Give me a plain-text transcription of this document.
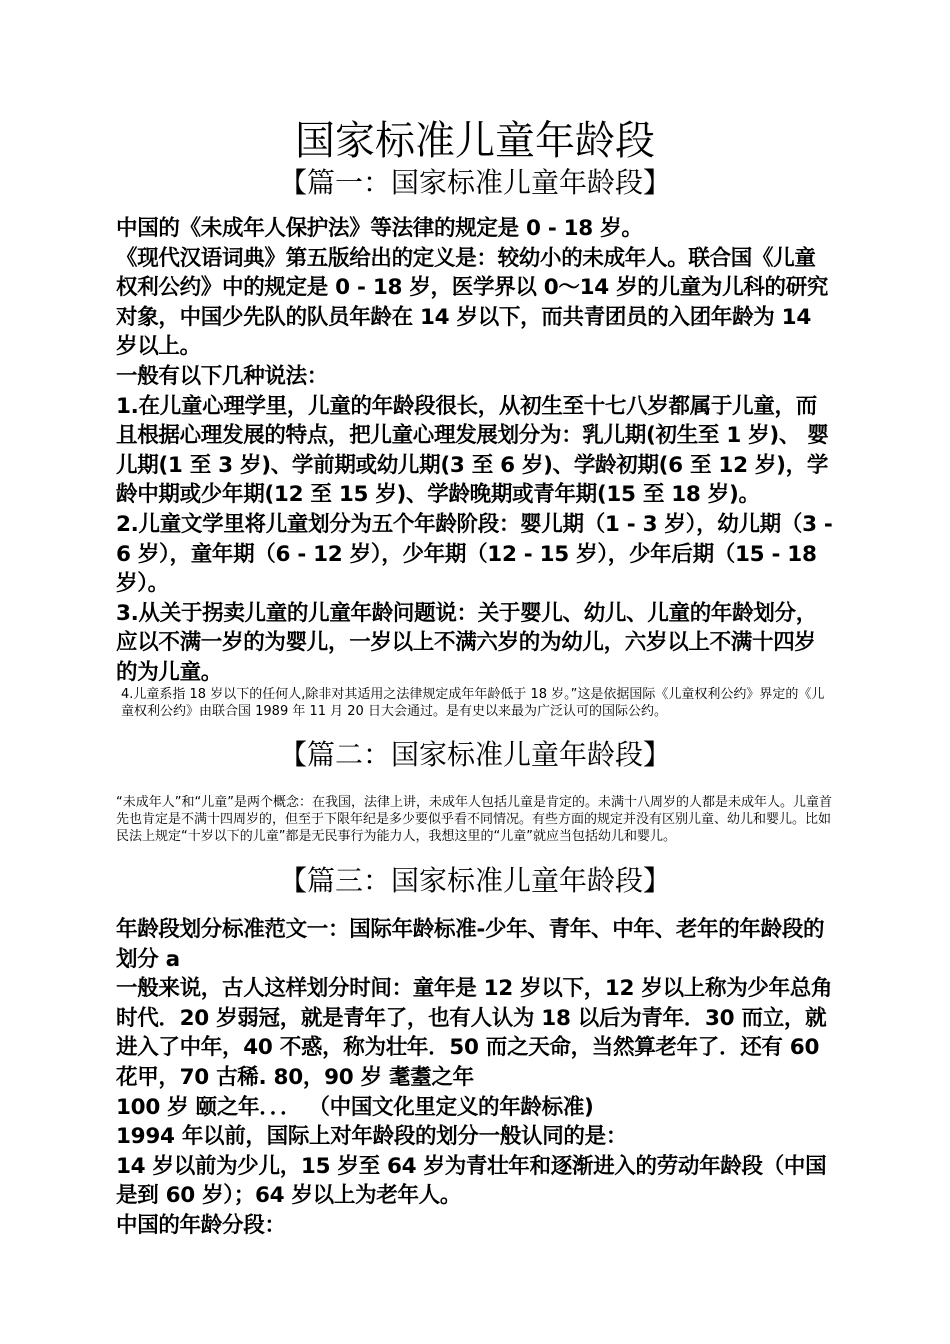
国家标准儿童年龄段
【篇一：国家标准儿童年龄段】

中国的《未成年人保护法》等法律的规定是 0 - 18 岁。

《现代汉语词典》第五版给出的定义是：较幼小的未成年人。联合国《儿童权利公约》中的规定是 0 - 18 岁，医学界以 0～14 岁的儿童为儿科的研究对象，中国少先队的队员年龄在 14 岁以下，而共青团员的入团年龄为 14 岁以上。

一般有以下几种说法：

1.在儿童心理学里，儿童的年龄段很长，从初生至十七八岁都属于儿童，而且根据心理发展的特点，把儿童心理发展划分为：乳儿期(初生至 1 岁)、 婴儿期(1 至 3 岁)、学前期或幼儿期(3 至 6 岁)、学龄初期(6 至 12 岁)，学龄中期或少年期(12 至 15 岁)、学龄晚期或青年期(15 至 18 岁)。

2.儿童文学里将儿童划分为五个年龄阶段：婴儿期（1 - 3 岁），幼儿期（3 - 6 岁），童年期（6 - 12 岁），少年期（12 - 15 岁），少年后期（15 - 18 岁）。

3.从关于拐卖儿童的儿童年龄问题说：关于婴儿、幼儿、儿童的年龄划分，应以不满一岁的为婴儿，一岁以上不满六岁的为幼儿，六岁以上不满十四岁的为儿童。

4.儿童系指 18 岁以下的任何人,除非对其适用之法律规定成年年龄低于 18 岁。”这是依据国际《儿童权利公约》界定的《儿童权利公约》由联合国 1989 年 11 月 20 日大会通过。是有史以来最为广泛认可的国际公约。

【篇二：国家标准儿童年龄段】

“未成年人”和“儿童”是两个概念：在我国，法律上讲，未成年人包括儿童是肯定的。未满十八周岁的人都是未成年人。儿童首先也肯定是不满十四周岁的，但至于下限年纪是多少要似乎看不同情况。有些方面的规定并没有区别儿童、幼儿和婴儿。比如民法上规定“十岁以下的儿童”都是无民事行为能力人，我想这里的“儿童”就应当包括幼儿和婴儿。

【篇三：国家标准儿童年龄段】

年龄段划分标准范文一：国际年龄标准-少年、青年、中年、老年的年龄段的划分 a

一般来说，古人这样划分时间：童年是 12 岁以下，12 岁以上称为少年总角时代．20 岁弱冠，就是青年了，也有人认为 18 以后为青年．30 而立，就进入了中年，40 不惑，称为壮年．50 而之天命，当然算老年了．还有 60 花甲，70 古稀. 80，90 岁 耄耋之年

100 岁 颐之年．．． （中国文化里定义的年龄标准)

1994 年以前，国际上对年龄段的划分一般认同的是：

14 岁以前为少儿，15 岁至 64 岁为青壮年和逐渐进入的劳动年龄段（中国是到 60 岁）；64 岁以上为老年人。

中国的年龄分段：
